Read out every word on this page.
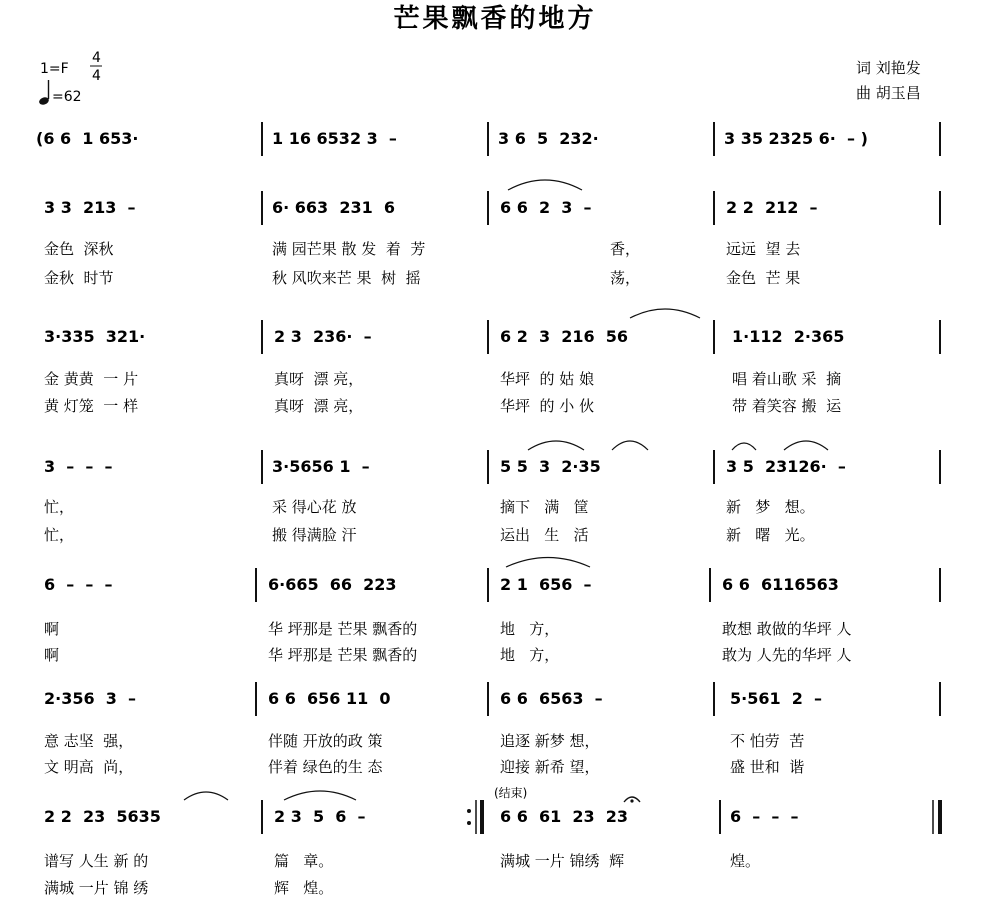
芒果飘香的地方
1=F
4
4
=62
词 刘艳发
曲 胡玉昌
(6 6  1 653·	1 16 6532 3  –	3 6  5  232·	3 35 2325 6·  – )
3 3  213  –	6· 663  231  6	6 6  2  3  –	2 2  212  –
金色  深秋	满 园芒果 散 发  着  芳	香，	远远  望 去
金秋  时节	秋 风吹来芒 果  树  摇	荡，	金色  芒 果
3·335  321·	2 3  236·  –	6 2  3  216  56	1·112  2·365
金 黄黄  一 片	真呀  漂 亮，	华坪  的 姑 娘	唱 着山歌 采  摘
黄 灯笼  一 样	真呀  漂 亮，	华坪  的 小 伙	带 着笑容 搬  运
3  –  –  –	3·5656 1  –	5 5  3  2·35	3 5  23126·  –
忙，	采 得心花 放	摘下   满   筐	新   梦   想。
忙，	搬 得满脸 汗	运出   生   活	新   曙   光。
6  –  –  –	6·665  66  223	2 1  656  –	6 6  6116563
啊	华 坪那是 芒果 飘香的	地   方，	敢想 敢做的华坪 人
啊	华 坪那是 芒果 飘香的	地   方，	敢为 人先的华坪 人
2·356  3  –	6 6  656 11  0	6 6  6563  –	5·561  2  –
意 志坚  强，	伴随 开放的政 策	追逐 新梦 想，	不 怕劳  苦
文 明高  尚，	伴着 绿色的生 态	迎接 新希 望，	盛 世和  谐
(结束)
2 2  23  5635	2 3  5  6  –	6 6  61  23  23	6  –  –  –
谱写 人生 新 的	篇   章。	满城 一片 锦绣  辉	煌。
满城 一片 锦 绣	辉   煌。
